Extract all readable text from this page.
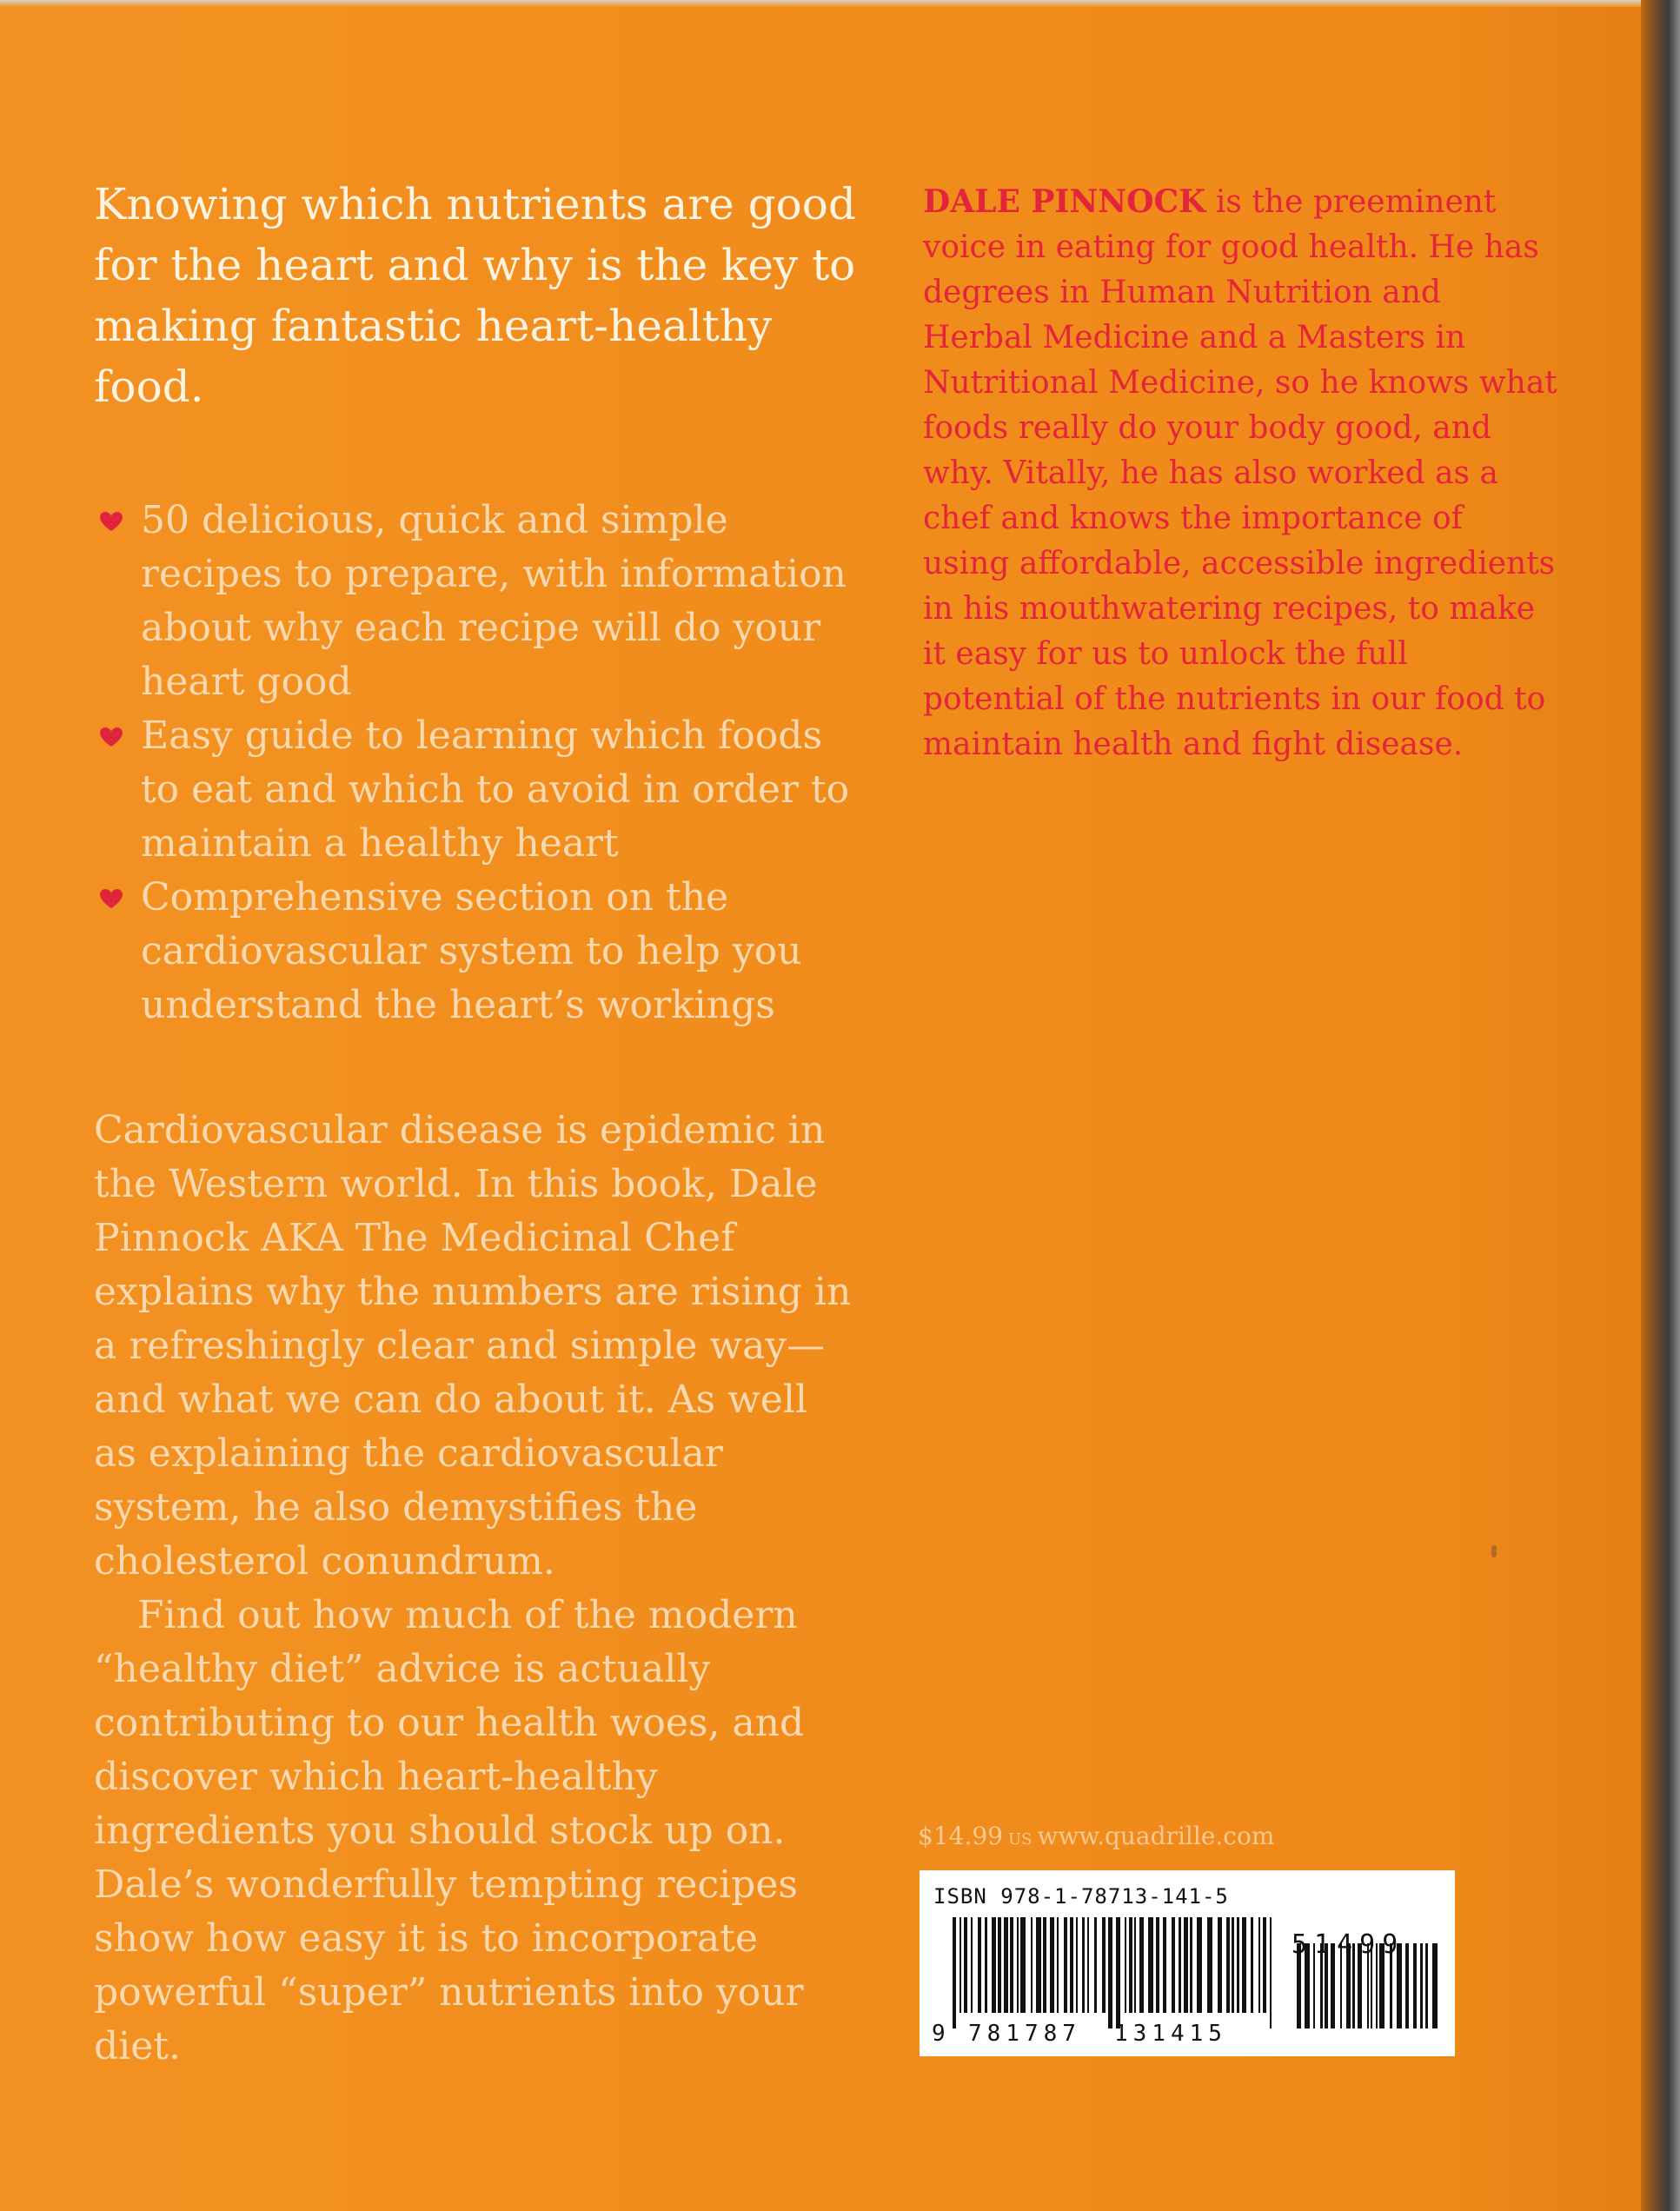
Knowing which nutrients are good for the heart and why is the key to making fantastic heart-healthy food.

50 delicious, quick and simple recipes to prepare, with information about why each recipe will do your heart good
Easy guide to learning which foods to eat and which to avoid in order to maintain a healthy heart
Comprehensive section on the cardiovascular system to help you understand the heart’s workings

Cardiovascular disease is epidemic in the Western world. In this book, Dale Pinnock AKA The Medicinal Chef explains why the numbers are rising in a refreshingly clear and simple way—and what we can do about it. As well as explaining the cardiovascular system, he also demystifies the cholesterol conundrum.

Find out how much of the modern “healthy diet” advice is actually contributing to our health woes, and discover which heart-healthy ingredients you should stock up on. Dale’s wonderfully tempting recipes show how easy it is to incorporate powerful “super” nutrients into your diet.

DALE PINNOCK is the preeminent voice in eating for good health. He has degrees in Human Nutrition and Herbal Medicine and a Masters in Nutritional Medicine, so he knows what foods really do your body good, and why. Vitally, he has also worked as a chef and knows the importance of using affordable, accessible ingredients in his mouthwatering recipes, to make it easy for us to unlock the full potential of the nutrients in our food to maintain health and fight disease.

$14.99 US www.quadrille.com
ISBN 978-1-78713-141-5
9 781787 131415
51499
